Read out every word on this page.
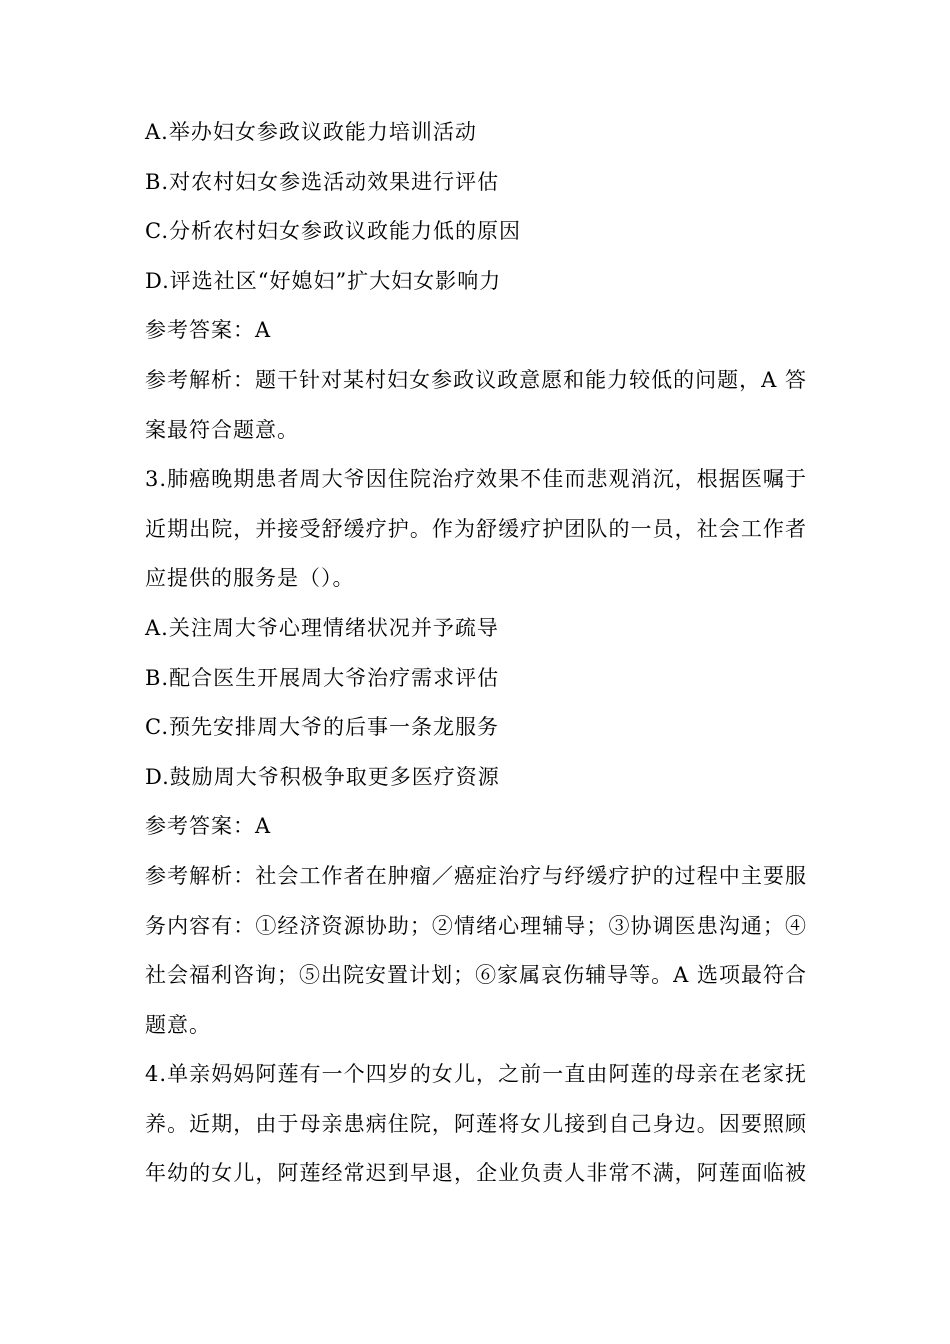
A.举办妇女参政议政能力培训活动
B.对农村妇女参选活动效果进行评估
C.分析农村妇女参政议政能力低的原因
D.评选社区“好媳妇”扩大妇女影响力
参考答案：A
参考解析：题干针对某村妇女参政议政意愿和能力较低的问题，A 答
案最符合题意。
3.肺癌晚期患者周大爷因住院治疗效果不佳而悲观消沉，根据医嘱于
近期出院，并接受舒缓疗护。作为舒缓疗护团队的一员，社会工作者
应提供的服务是（）。
A.关注周大爷心理情绪状况并予疏导
B.配合医生开展周大爷治疗需求评估
C.预先安排周大爷的后事一条龙服务
D.鼓励周大爷积极争取更多医疗资源
参考答案：A
参考解析：社会工作者在肿瘤／癌症治疗与纾缓疗护的过程中主要服
务内容有：①经济资源协助；②情绪心理辅导；③协调医患沟通；④
社会福利咨询；⑤出院安置计划；⑥家属哀伤辅导等。A 选项最符合
题意。
4.单亲妈妈阿莲有一个四岁的女儿，之前一直由阿莲的母亲在老家抚
养。近期，由于母亲患病住院，阿莲将女儿接到自己身边。因要照顾
年幼的女儿，阿莲经常迟到早退，企业负责人非常不满，阿莲面临被
